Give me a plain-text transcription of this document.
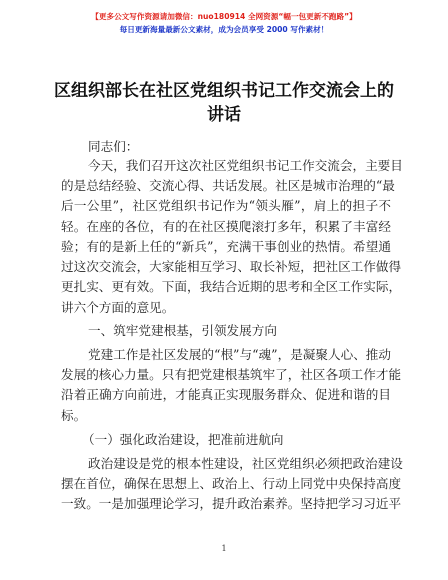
【更多公文写作资源请加微信：nuo180914 全网资源“幅一包更新不跑路”】
每日更新海量最新公文素材，成为会员享受 2000 写作素材！
区组织部长在社区党组织书记工作交流会上的
讲话
同志们：
今天，我们召开这次社区党组织书记工作交流会，主要目
的是总结经验、交流心得、共话发展。社区是城市治理的“最
后一公里”，社区党组织书记作为“领头雁”，肩上的担子不
轻。在座的各位，有的在社区摸爬滚打多年，积累了丰富经
验；有的是新上任的“新兵”，充满干事创业的热情。希望通
过这次交流会，大家能相互学习、取长补短，把社区工作做得
更扎实、更有效。下面，我结合近期的思考和全区工作实际，
讲六个方面的意见。
一、筑牢党建根基，引领发展方向
党建工作是社区发展的“根”与“魂”，是凝聚人心、推动
发展的核心力量。只有把党建根基筑牢了，社区各项工作才能
沿着正确方向前进，才能真正实现服务群众、促进和谐的目
标。
（一）强化政治建设，把准前进航向
政治建设是党的根本性建设，社区党组织必须把政治建设
摆在首位，确保在思想上、政治上、行动上同党中央保持高度
一致。一是加强理论学习，提升政治素养。坚持把学习习近平
1
